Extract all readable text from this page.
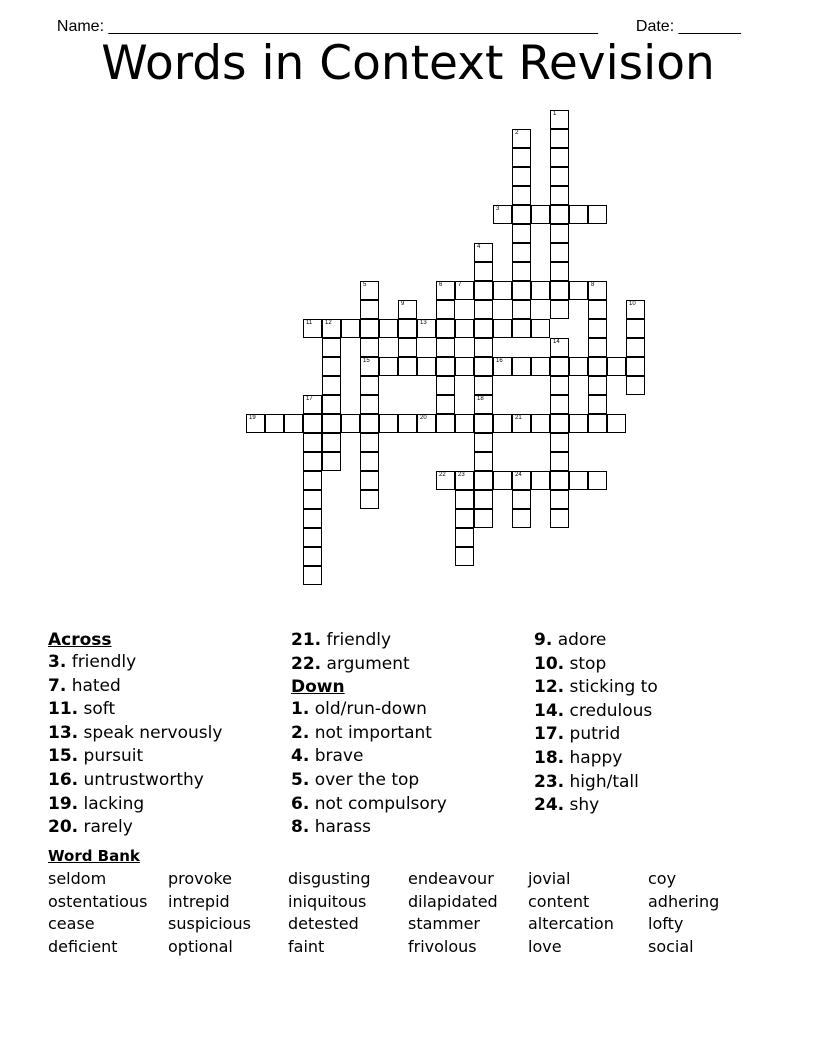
Name: _______________________________________________________	Date: _______

Words in Context Revision
1
2
3
4
18
5
15
6	7	8
9	10
11 12	13
14
16
17
19	20	21
22 23	24
Across
3. friendly
7. hated
11. soft
13. speak nervously
15. pursuit
16. untrustworthy
19. lacking
20. rarely
21. friendly
22. argument
Down
1. old/run-down
2. not important
4. brave
5. over the top
6. not compulsory
8. harass
9. adore
10. stop
12. sticking to
14. credulous
17. putrid
18. happy
23. high/tall
24. shy
Word Bank
seldom	provoke	disgusting	endeavour	jovial	coy
ostentatious	intrepid	iniquitous	dilapidated	content	adhering
cease	suspicious	detested	stammer	altercation	lofty
deficient	optional	faint	frivolous	love	social
